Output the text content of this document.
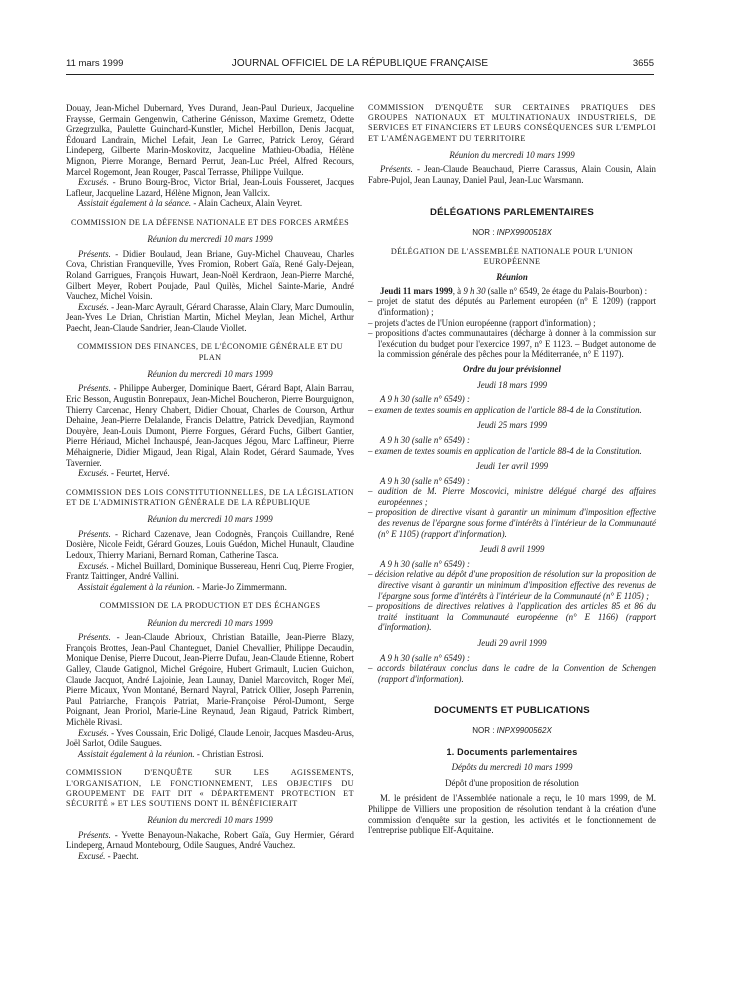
11 mars 1999	JOURNAL OFFICIEL DE LA RÉPUBLIQUE FRANÇAISE	3655

Douay, Jean-Michel Dubernard, Yves Durand, Jean-Paul Durieux, Jacqueline Fraysse, Germain Gengenwin, Catherine Génisson, Maxime Gremetz, Odette Grzegrzulka, Paulette Guinchard-Kunstler, Michel Herbillon, Denis Jacquat, Édouard Landrain, Michel Lefait, Jean Le Garrec, Patrick Leroy, Gérard Lindeperg, Gilberte Marin-Moskovitz, Jacqueline Mathieu-Obadia, Hélène Mignon, Pierre Morange, Bernard Perrut, Jean-Luc Préel, Alfred Recours, Marcel Rogemont, Jean Rouger, Pascal Terrasse, Philippe Vuilque.

Excusés. - Bruno Bourg-Broc, Victor Brial, Jean-Louis Fousseret, Jacques Lafleur, Jacqueline Lazard, Hélène Mignon, Jean Vallcix.

Assistait également à la séance. - Alain Cacheux, Alain Veyret.

COMMISSION DE LA DÉFENSE NATIONALE ET DES FORCES ARMÉES

Réunion du mercredi 10 mars 1999

Présents. - Didier Boulaud, Jean Briane, Guy-Michel Chauveau, Charles Cova, Christian Franqueville, Yves Fromion, Robert Gaïa, René Galy-Dejean, Roland Garrigues, François Huwart, Jean-Noël Kerdraon, Jean-Pierre Marché, Gilbert Meyer, Robert Poujade, Paul Quilès, Michel Sainte-Marie, André Vauchez, Michel Voisin.

Excusés. - Jean-Marc Ayrault, Gérard Charasse, Alain Clary, Marc Dumoulin, Jean-Yves Le Drian, Christian Martin, Michel Meylan, Jean Michel, Arthur Paecht, Jean-Claude Sandrier, Jean-Claude Viollet.

COMMISSION DES FINANCES, DE L'ÉCONOMIE GÉNÉRALE ET DU PLAN

Réunion du mercredi 10 mars 1999

Présents. - Philippe Auberger, Dominique Baert, Gérard Bapt, Alain Barrau, Eric Besson, Augustin Bonrepaux, Jean-Michel Boucheron, Pierre Bourguignon, Thierry Carcenac, Henry Chabert, Didier Chouat, Charles de Courson, Arthur Dehaine, Jean-Pierre Delalande, Francis Delattre, Patrick Devedjian, Raymond Douyère, Jean-Louis Dumont, Pierre Forgues, Gérard Fuchs, Gilbert Gantier, Pierre Hériaud, Michel Inchauspé, Jean-Jacques Jégou, Marc Laffineur, Pierre Méhaignerie, Didier Migaud, Jean Rigal, Alain Rodet, Gérard Saumade, Yves Tavernier.

Excusés. - Feurtet, Hervé.

COMMISSION DES LOIS CONSTITUTIONNELLES, DE LA LÉGISLATION ET DE L'ADMINISTRATION GÉNÉRALE DE LA RÉPUBLIQUE

Réunion du mercredi 10 mars 1999

Présents. - Richard Cazenave, Jean Codognès, François Cuillandre, René Dosière, Nicole Feidt, Gérard Gouzes, Louis Guédon, Michel Hunault, Claudine Ledoux, Thierry Mariani, Bernard Roman, Catherine Tasca.

Excusés. - Michel Buillard, Dominique Bussereau, Henri Cuq, Pierre Frogier, Frantz Taittinger, André Vallini.

Assistait également à la réunion. - Marie-Jo Zimmermann.

COMMISSION DE LA PRODUCTION ET DES ÉCHANGES

Réunion du mercredi 10 mars 1999

Présents. - Jean-Claude Abrioux, Christian Bataille, Jean-Pierre Blazy, François Brottes, Jean-Paul Chanteguet, Daniel Chevallier, Philippe Decaudin, Monique Denise, Pierre Ducout, Jean-Pierre Dufau, Jean-Claude Etienne, Robert Galley, Claude Gatignol, Michel Grégoire, Hubert Grimault, Lucien Guichon, Claude Jacquot, André Lajoinie, Jean Launay, Daniel Marcovitch, Roger Meï, Pierre Micaux, Yvon Montané, Bernard Nayral, Patrick Ollier, Joseph Parrenin, Paul Patriarche, François Patriat, Marie-Françoise Pérol-Dumont, Serge Poignant, Jean Proriol, Marie-Line Reynaud, Jean Rigaud, Patrick Rimbert, Michèle Rivasi.

Excusés. - Yves Coussain, Eric Doligé, Claude Lenoir, Jacques Masdeu-Arus, Joël Sarlot, Odile Saugues.

Assistait également à la réunion. - Christian Estrosi.

COMMISSION D'ENQUÊTE SUR LES AGISSEMENTS, L'ORGANISATION, LE FONCTIONNEMENT, LES OBJECTIFS DU GROUPEMENT DE FAIT DIT « DÉPARTEMENT PROTECTION ET SÉCURITÉ » ET LES SOUTIENS DONT IL BÉNÉFICIERAIT

Réunion du mercredi 10 mars 1999

Présents. - Yvette Benayoun-Nakache, Robert Gaïa, Guy Hermier, Gérard Lindeperg, Arnaud Montebourg, Odile Saugues, André Vauchez.

Excusé. - Paecht.

COMMISSION D'ENQUÊTE SUR CERTAINES PRATIQUES DES GROUPES NATIONAUX ET MULTINATIONAUX INDUSTRIELS, DE SERVICES ET FINANCIERS ET LEURS CONSÉQUENCES SUR L'EMPLOI ET L'AMÉNAGEMENT DU TERRITOIRE

Réunion du mercredi 10 mars 1999

Présents. - Jean-Claude Beauchaud, Pierre Carassus, Alain Cousin, Alain Fabre-Pujol, Jean Launay, Daniel Paul, Jean-Luc Warsmann.

DÉLÉGATIONS PARLEMENTAIRES
NOR : INPX9900518X
DÉLÉGATION DE L'ASSEMBLÉE NATIONALE POUR L'UNION EUROPÉENNE

Réunion

Jeudi 11 mars 1999, à 9 h 30 (salle n° 6549, 2e étage du Palais-Bourbon) :

– projet de statut des députés au Parlement européen (n° E 1209) (rapport d'information) ;

– projets d'actes de l'Union européenne (rapport d'information) ;

– propositions d'actes communautaires (décharge à donner à la commission sur l'exécution du budget pour l'exercice 1997, n° E 1123. – Budget autonome de la commission générale des pêches pour la Méditerranée, n° E 1197).

Ordre du jour prévisionnel

Jeudi 18 mars 1999

A 9 h 30 (salle n° 6549) :

– examen de textes soumis en application de l'article 88-4 de la Constitution.

Jeudi 25 mars 1999

A 9 h 30 (salle n° 6549) :

– examen de textes soumis en application de l'article 88-4 de la Constitution.

Jeudi 1er avril 1999

A 9 h 30 (salle n° 6549) :

– audition de M. Pierre Moscovici, ministre délégué chargé des affaires européennes ;

– proposition de directive visant à garantir un minimum d'imposition effective des revenus de l'épargne sous forme d'intérêts à l'intérieur de la Communauté (n° E 1105) (rapport d'information).

Jeudi 8 avril 1999

A 9 h 30 (salle n° 6549) :

– décision relative au dépôt d'une proposition de résolution sur la proposition de directive visant à garantir un minimum d'imposition effective des revenus de l'épargne sous forme d'intérêts à l'intérieur de la Communauté (n° E 1105) ;

– propositions de directives relatives à l'application des articles 85 et 86 du traité instituant la Communauté européenne (n° E 1166) (rapport d'information).

Jeudi 29 avril 1999

A 9 h 30 (salle n° 6549) :

– accords bilatéraux conclus dans le cadre de la Convention de Schengen (rapport d'information).

DOCUMENTS ET PUBLICATIONS
NOR : INPX9900562X
1. Documents parlementaires

Dépôts du mercredi 10 mars 1999

Dépôt d'une proposition de résolution

M. le président de l'Assemblée nationale a reçu, le 10 mars 1999, de M. Philippe de Villiers une proposition de résolution tendant à la création d'une commission d'enquête sur la gestion, les activités et le fonctionnement de l'entreprise publique Elf-Aquitaine.
